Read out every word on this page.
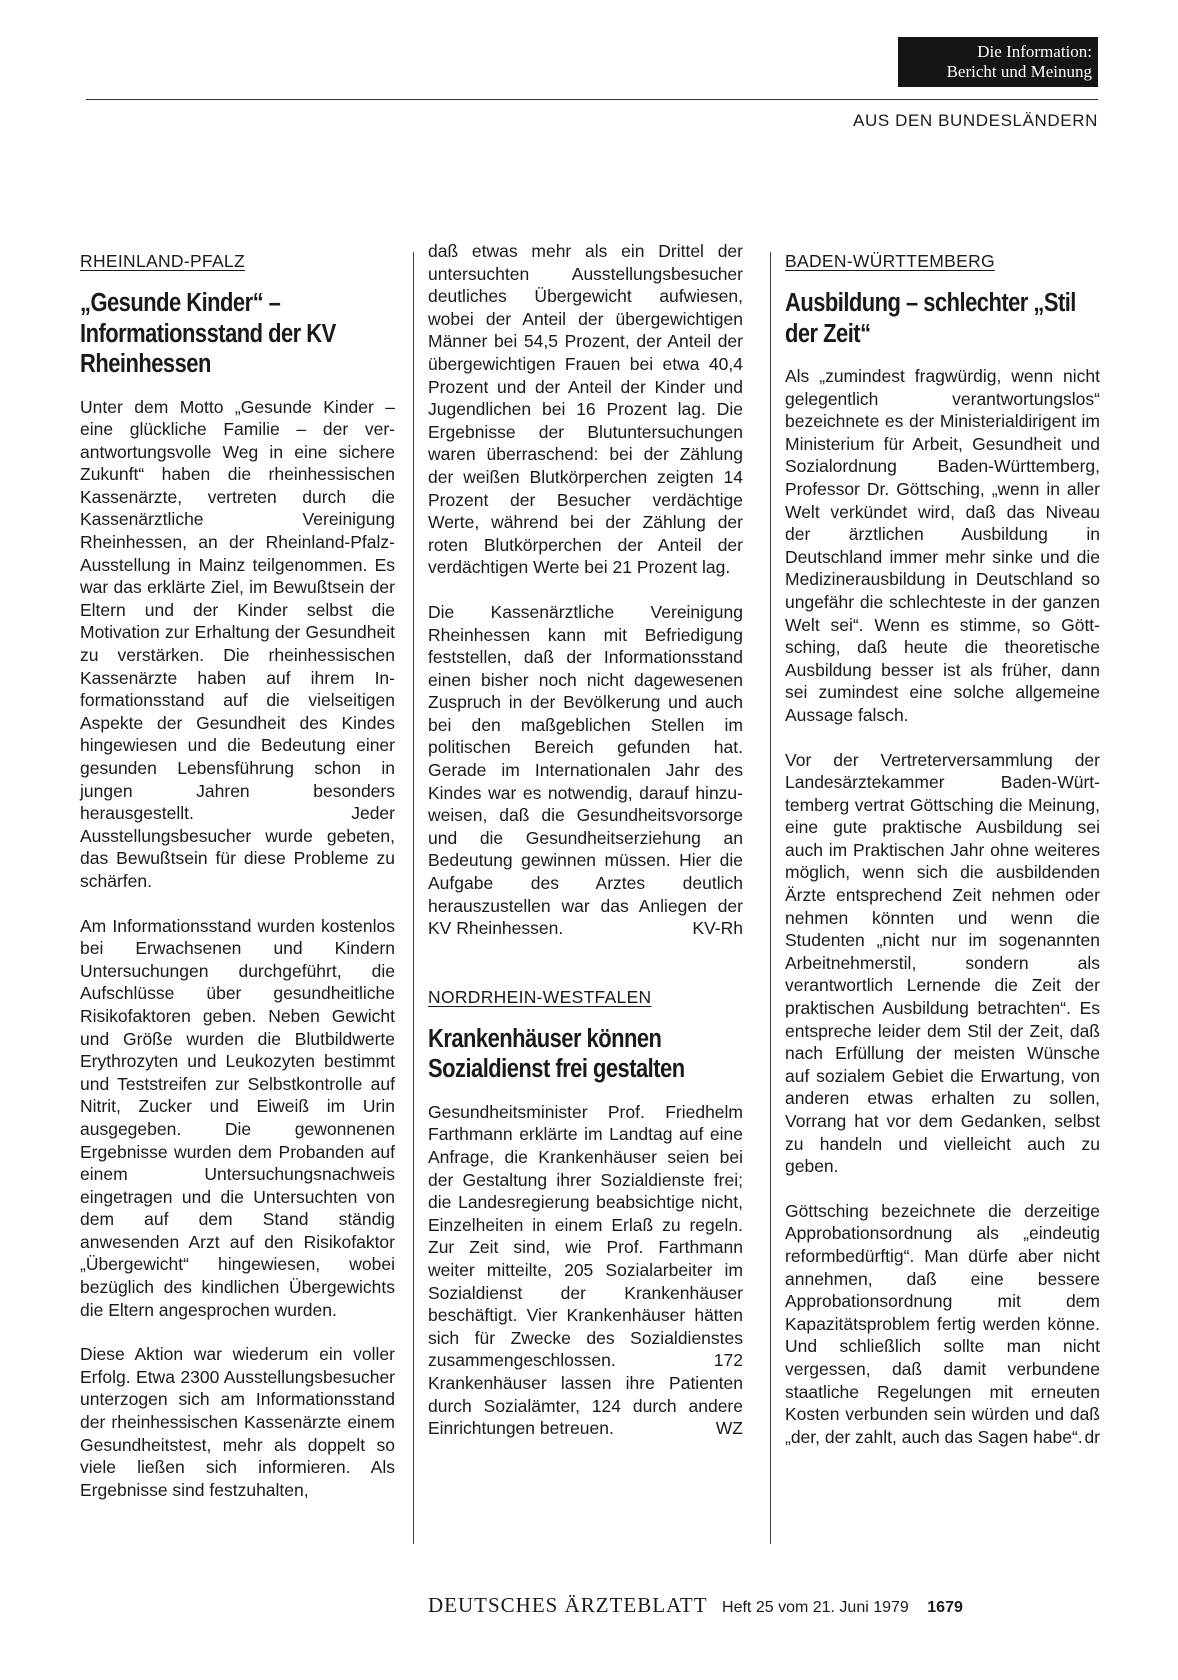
Die Information:
Bericht und Meinung
AUS DEN BUNDESLÄNDERN
RHEINLAND-PFALZ
„Gesunde Kinder“ – Informationsstand der KV Rheinhessen

Unter dem Motto „Gesunde Kinder – eine glückliche Familie – der verantwortungsvolle Weg in eine sichere Zukunft“ haben die rheinhessischen Kassenärzte, vertreten durch die Kassenärztliche Vereinigung Rheinhessen, an der Rheinland-Pfalz-Ausstellung in Mainz teilgenommen. Es war das erklärte Ziel, im Bewußtsein der Eltern und der Kinder selbst die Motivation zur Erhaltung der Gesundheit zu verstärken. Die rheinhessischen Kassenärzte haben auf ihrem Informationsstand auf die vielseitigen Aspekte der Gesundheit des Kindes hingewiesen und die Bedeutung einer gesunden Lebensführung schon in jungen Jahren besonders herausgestellt. Jeder Ausstellungsbesucher wurde gebeten, das Bewußtsein für diese Probleme zu schärfen.

Am Informationsstand wurden kostenlos bei Erwachsenen und Kindern Untersuchungen durchgeführt, die Aufschlüsse über gesundheitliche Risikofaktoren geben. Neben Gewicht und Größe wurden die Blutbildwerte Erythrozyten und Leukozyten bestimmt und Teststreifen zur Selbstkontrolle auf Nitrit, Zucker und Eiweiß im Urin ausgegeben. Die gewonnenen Ergebnisse wurden dem Probanden auf einem Untersuchungsnachweis eingetragen und die Untersuchten von dem auf dem Stand ständig anwesenden Arzt auf den Risikofaktor „Übergewicht“ hingewiesen, wobei bezüglich des kindlichen Übergewichts die Eltern angesprochen wurden.

Diese Aktion war wiederum ein voller Erfolg. Etwa 2300 Ausstellungsbesucher unterzogen sich am Informationsstand der rheinhessischen Kassenärzte einem Gesundheitstest, mehr als doppelt so viele ließen sich informieren. Als Ergebnisse sind festzuhalten,

daß etwas mehr als ein Drittel der untersuchten Ausstellungsbesucher deutliches Übergewicht aufwiesen, wobei der Anteil der übergewichtigen Männer bei 54,5 Prozent, der Anteil der übergewichtigen Frauen bei etwa 40,4 Prozent und der Anteil der Kinder und Jugendlichen bei 16 Prozent lag. Die Ergebnisse der Blutuntersuchungen waren überraschend: bei der Zählung der weißen Blutkörperchen zeigten 14 Prozent der Besucher verdächtige Werte, während bei der Zählung der roten Blutkörperchen der Anteil der verdächtigen Werte bei 21 Prozent lag.

Die Kassenärztliche Vereinigung Rheinhessen kann mit Befriedigung feststellen, daß der Informationsstand einen bisher noch nicht dagewesenen Zuspruch in der Bevölkerung und auch bei den maßgeblichen Stellen im politischen Bereich gefunden hat. Gerade im Internationalen Jahr des Kindes war es notwendig, darauf hinzuweisen, daß die Gesundheitsvorsorge und die Gesundheitserziehung an Bedeutung gewinnen müssen. Hier die Aufgabe des Arztes deutlich herauszustellen war das Anliegen der KV Rheinhessen.	KV-Rh

NORDRHEIN-WESTFALEN
Krankenhäuser können Sozialdienst frei gestalten

Gesundheitsminister Prof. Friedhelm Farthmann erklärte im Landtag auf eine Anfrage, die Krankenhäuser seien bei der Gestaltung ihrer Sozialdienste frei; die Landesregierung beabsichtige nicht, Einzelheiten in einem Erlaß zu regeln. Zur Zeit sind, wie Prof. Farthmann weiter mitteilte, 205 Sozialarbeiter im Sozialdienst der Krankenhäuser beschäftigt. Vier Krankenhäuser hätten sich für Zwecke des Sozialdienstes zusammengeschlossen. 172 Krankenhäuser lassen ihre Patienten durch Sozialämter, 124 durch andere Einrichtungen betreuen.	WZ

BADEN-WÜRTTEMBERG
Ausbildung – schlechter „Stil der Zeit“

Als „zumindest fragwürdig, wenn nicht gelegentlich verantwortungslos“ bezeichnete es der Ministerialdirigent im Ministerium für Arbeit, Gesundheit und Sozialordnung Baden-Württemberg, Professor Dr. Göttsching, „wenn in aller Welt verkündet wird, daß das Niveau der ärztlichen Ausbildung in Deutschland immer mehr sinke und die Medizinerausbildung in Deutschland so ungefähr die schlechteste in der ganzen Welt sei“. Wenn es stimme, so Göttsching, daß heute die theoretische Ausbildung besser ist als früher, dann sei zumindest eine solche allgemeine Aussage falsch.

Vor der Vertreterversammlung der Landesärztekammer Baden-Württemberg vertrat Göttsching die Meinung, eine gute praktische Ausbildung sei auch im Praktischen Jahr ohne weiteres möglich, wenn sich die ausbildenden Ärzte entsprechend Zeit nehmen oder nehmen könnten und wenn die Studenten „nicht nur im sogenannten Arbeitnehmerstil, sondern als verantwortlich Lernende die Zeit der praktischen Ausbildung betrachten“. Es entspreche leider dem Stil der Zeit, daß nach Erfüllung der meisten Wünsche auf sozialem Gebiet die Erwartung, von anderen etwas erhalten zu sollen, Vorrang hat vor dem Gedanken, selbst zu handeln und vielleicht auch zu geben.

Göttsching bezeichnete die derzeitige Approbationsordnung als „eindeutig reformbedürftig“. Man dürfe aber nicht annehmen, daß eine bessere Approbationsordnung mit dem Kapazitätsproblem fertig werden könne. Und schließlich sollte man nicht vergessen, daß damit verbundene staatliche Regelungen mit erneuten Kosten verbunden sein würden und daß „der, der zahlt, auch das Sagen habe“. dr

DEUTSCHES ÄRZTEBLATT Heft 25 vom 21. Juni 1979 1679
